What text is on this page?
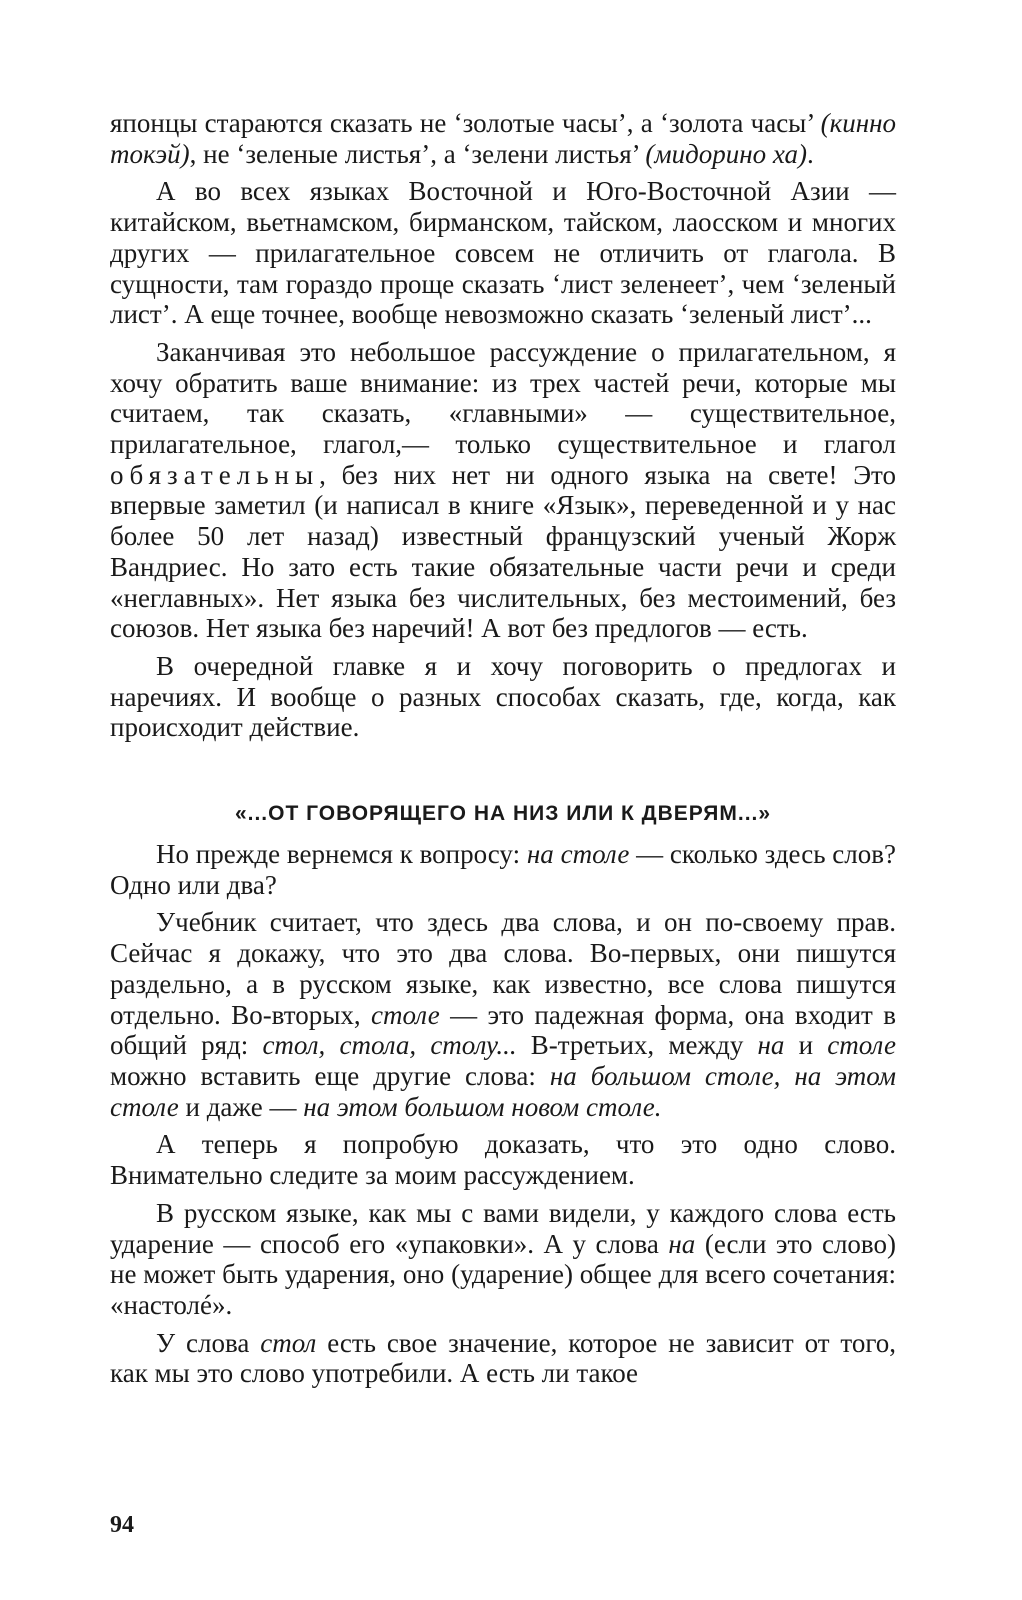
японцы стараются сказать не ‘золотые часы’, а ‘золота часы’ (кинно токэй), не ‘зеленые листья’, а ‘зелени листья’ (мидорино ха).

А во всех языках Восточной и Юго-Восточной Азии — китайском, вьетнамском, бирманском, тайском, лаосском и многих других — прилагательное совсем не отличить от глагола. В сущности, там гораздо проще сказать ‘лист зеленеет’, чем ‘зеленый лист’. А еще точнее, вообще невозможно сказать ‘зеленый лист’...

Заканчивая это небольшое рассуждение о прилагательном, я хочу обратить ваше внимание: из трех частей речи, которые мы считаем, так сказать, «главными» — существительное, прилагательное, глагол,— только существительное и глагол обязательны, без них нет ни одного языка на свете! Это впервые заметил (и написал в книге «Язык», переведенной и у нас более 50 лет назад) известный французский ученый Жорж Вандриес. Но зато есть такие обязательные части речи и среди «неглавных». Нет языка без числительных, без местоимений, без союзов. Нет языка без наречий! А вот без предлогов — есть.

В очередной главке я и хочу поговорить о предлогах и наречиях. И вообще о разных способах сказать, где, когда, как происходит действие.

«...ОТ ГОВОРЯЩЕГО НА НИЗ ИЛИ К ДВЕРЯМ...»

Но прежде вернемся к вопросу: на столе — сколько здесь слов? Одно или два?

Учебник считает, что здесь два слова, и он по-своему прав. Сейчас я докажу, что это два слова. Во-первых, они пишутся раздельно, а в русском языке, как известно, все слова пишутся отдельно. Во-вторых, столе — это падежная форма, она входит в общий ряд: стол, стола, столу... В-третьих, между на и столе можно вставить еще другие слова: на большом столе, на этом столе и даже — на этом большом новом столе.

А теперь я попробую доказать, что это одно слово. Внимательно следите за моим рассуждением.

В русском языке, как мы с вами видели, у каждого слова есть ударение — способ его «упаковки». А у слова на (если это слово) не может быть ударения, оно (ударение) общее для всего сочетания: «настолé».

У слова стол есть свое значение, которое не зависит от того, как мы это слово употребили. А есть ли такое

94
